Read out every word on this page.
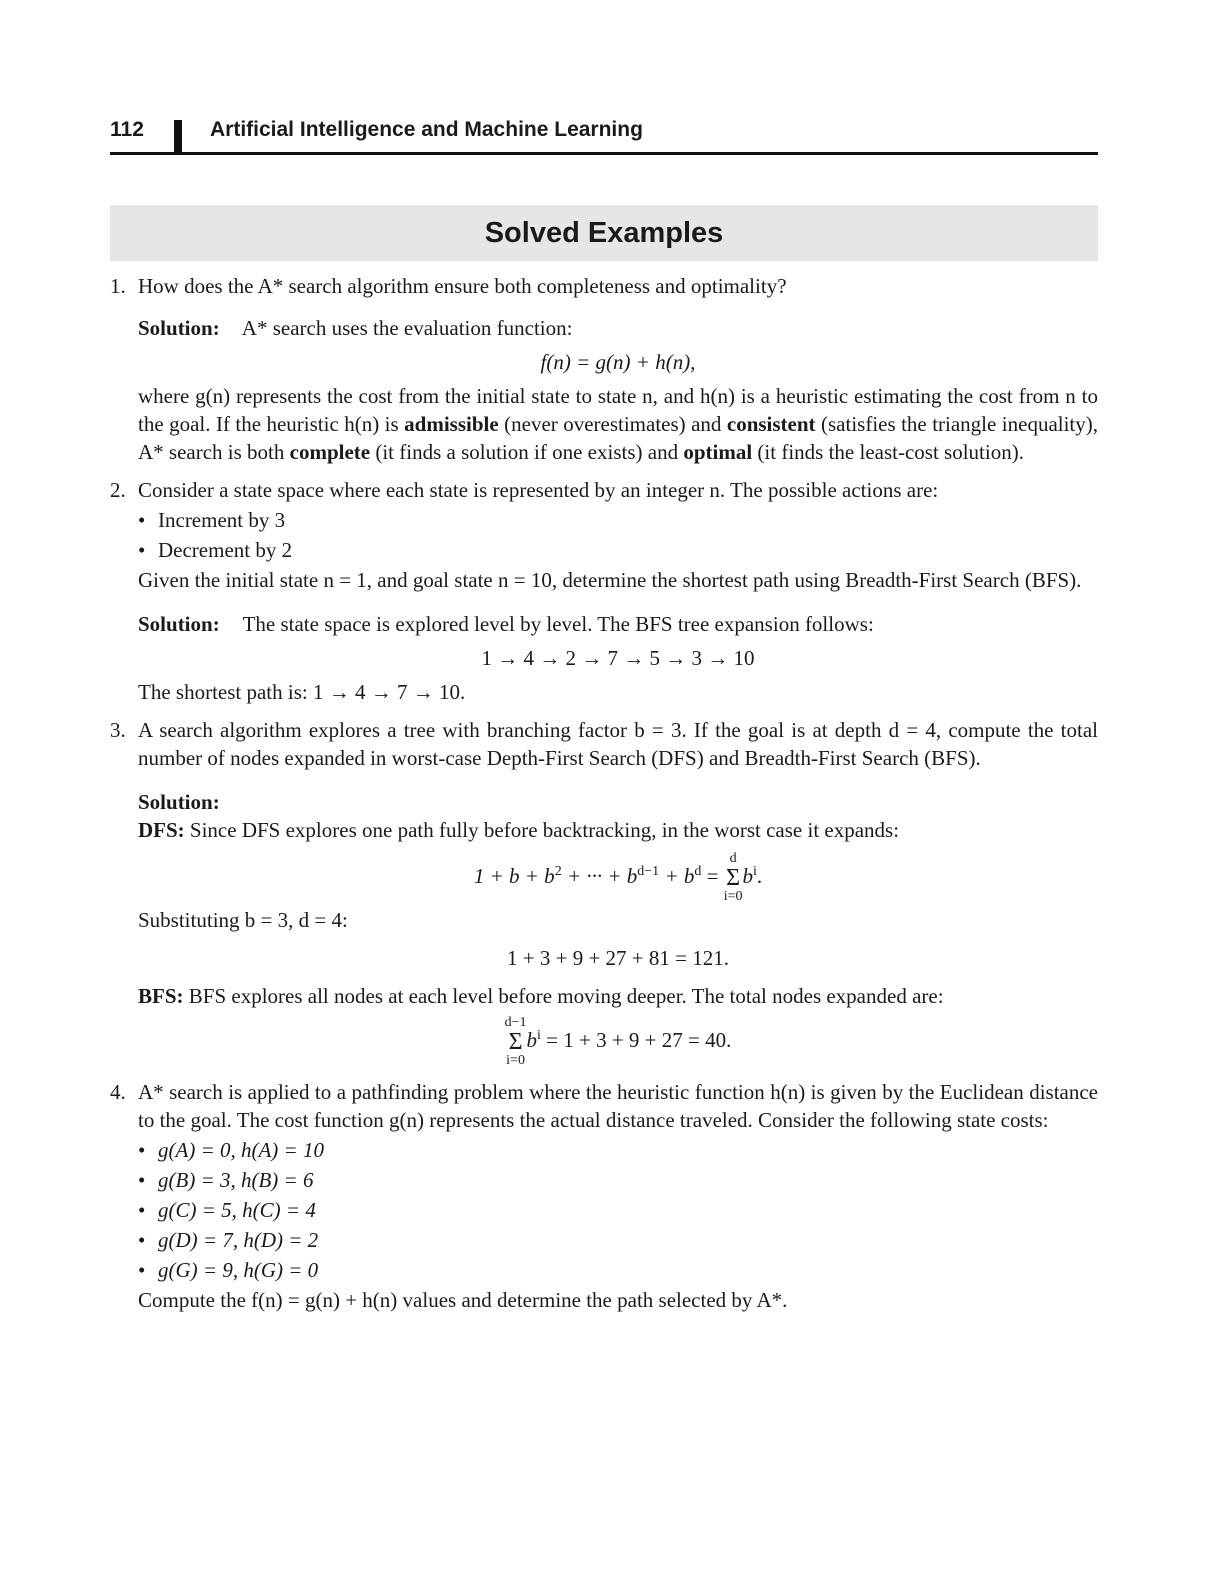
112	Artificial Intelligence and Machine Learning
Solved Examples
1. How does the A* search algorithm ensure both completeness and optimality?

Solution: A* search uses the evaluation function:
f(n) = g(n) + h(n),

where g(n) represents the cost from the initial state to state n, and h(n) is a heuristic estimating the cost from n to the goal. If the heuristic h(n) is admissible (never overestimates) and consistent (satisfies the triangle inequality), A* search is both complete (it finds a solution if one exists) and optimal (it finds the least-cost solution).

2. Consider a state space where each state is represented by an integer n. The possible actions are:

• Increment by 3
• Decrement by 2

Given the initial state n = 1, and goal state n = 10, determine the shortest path using Breadth-First Search (BFS).

Solution: The state space is explored level by level. The BFS tree expansion follows:
1 → 4 → 2 → 7 → 5 → 3 → 10

The shortest path is: 1 → 4 → 7 → 10.

3. A search algorithm explores a tree with branching factor b = 3. If the goal is at depth d = 4, compute the total number of nodes expanded in worst-case Depth-First Search (DFS) and Breadth-First Search (BFS).

Solution:

DFS: Since DFS explores one path fully before backtracking, in the worst case it expands:

$1 + b + b^2$ + ··· + $b^{d-1} + b^d$ =
d
Σ
i=0
$b^i$.

Substituting b = 3, d = 4:

1 + 3 + 9 + 27 + 81 = 121.

BFS: BFS explores all nodes at each level before moving deeper. The total nodes expanded are:

d−1
Σ
i=0
$b^i = 1 + 3 + 9 + 27 = 40$.
4. A* search is applied to a pathfinding problem where the heuristic function h(n) is given by the Euclidean distance to the goal. The cost function g(n) represents the actual distance traveled. Consider the following state costs:

• g(A) = 0, h(A) = 10
• g(B) = 3, h(B) = 6
• g(C) = 5, h(C) = 4
• g(D) = 7, h(D) = 2
• g(G) = 9, h(G) = 0

Compute the f(n) = g(n) + h(n) values and determine the path selected by A*.
